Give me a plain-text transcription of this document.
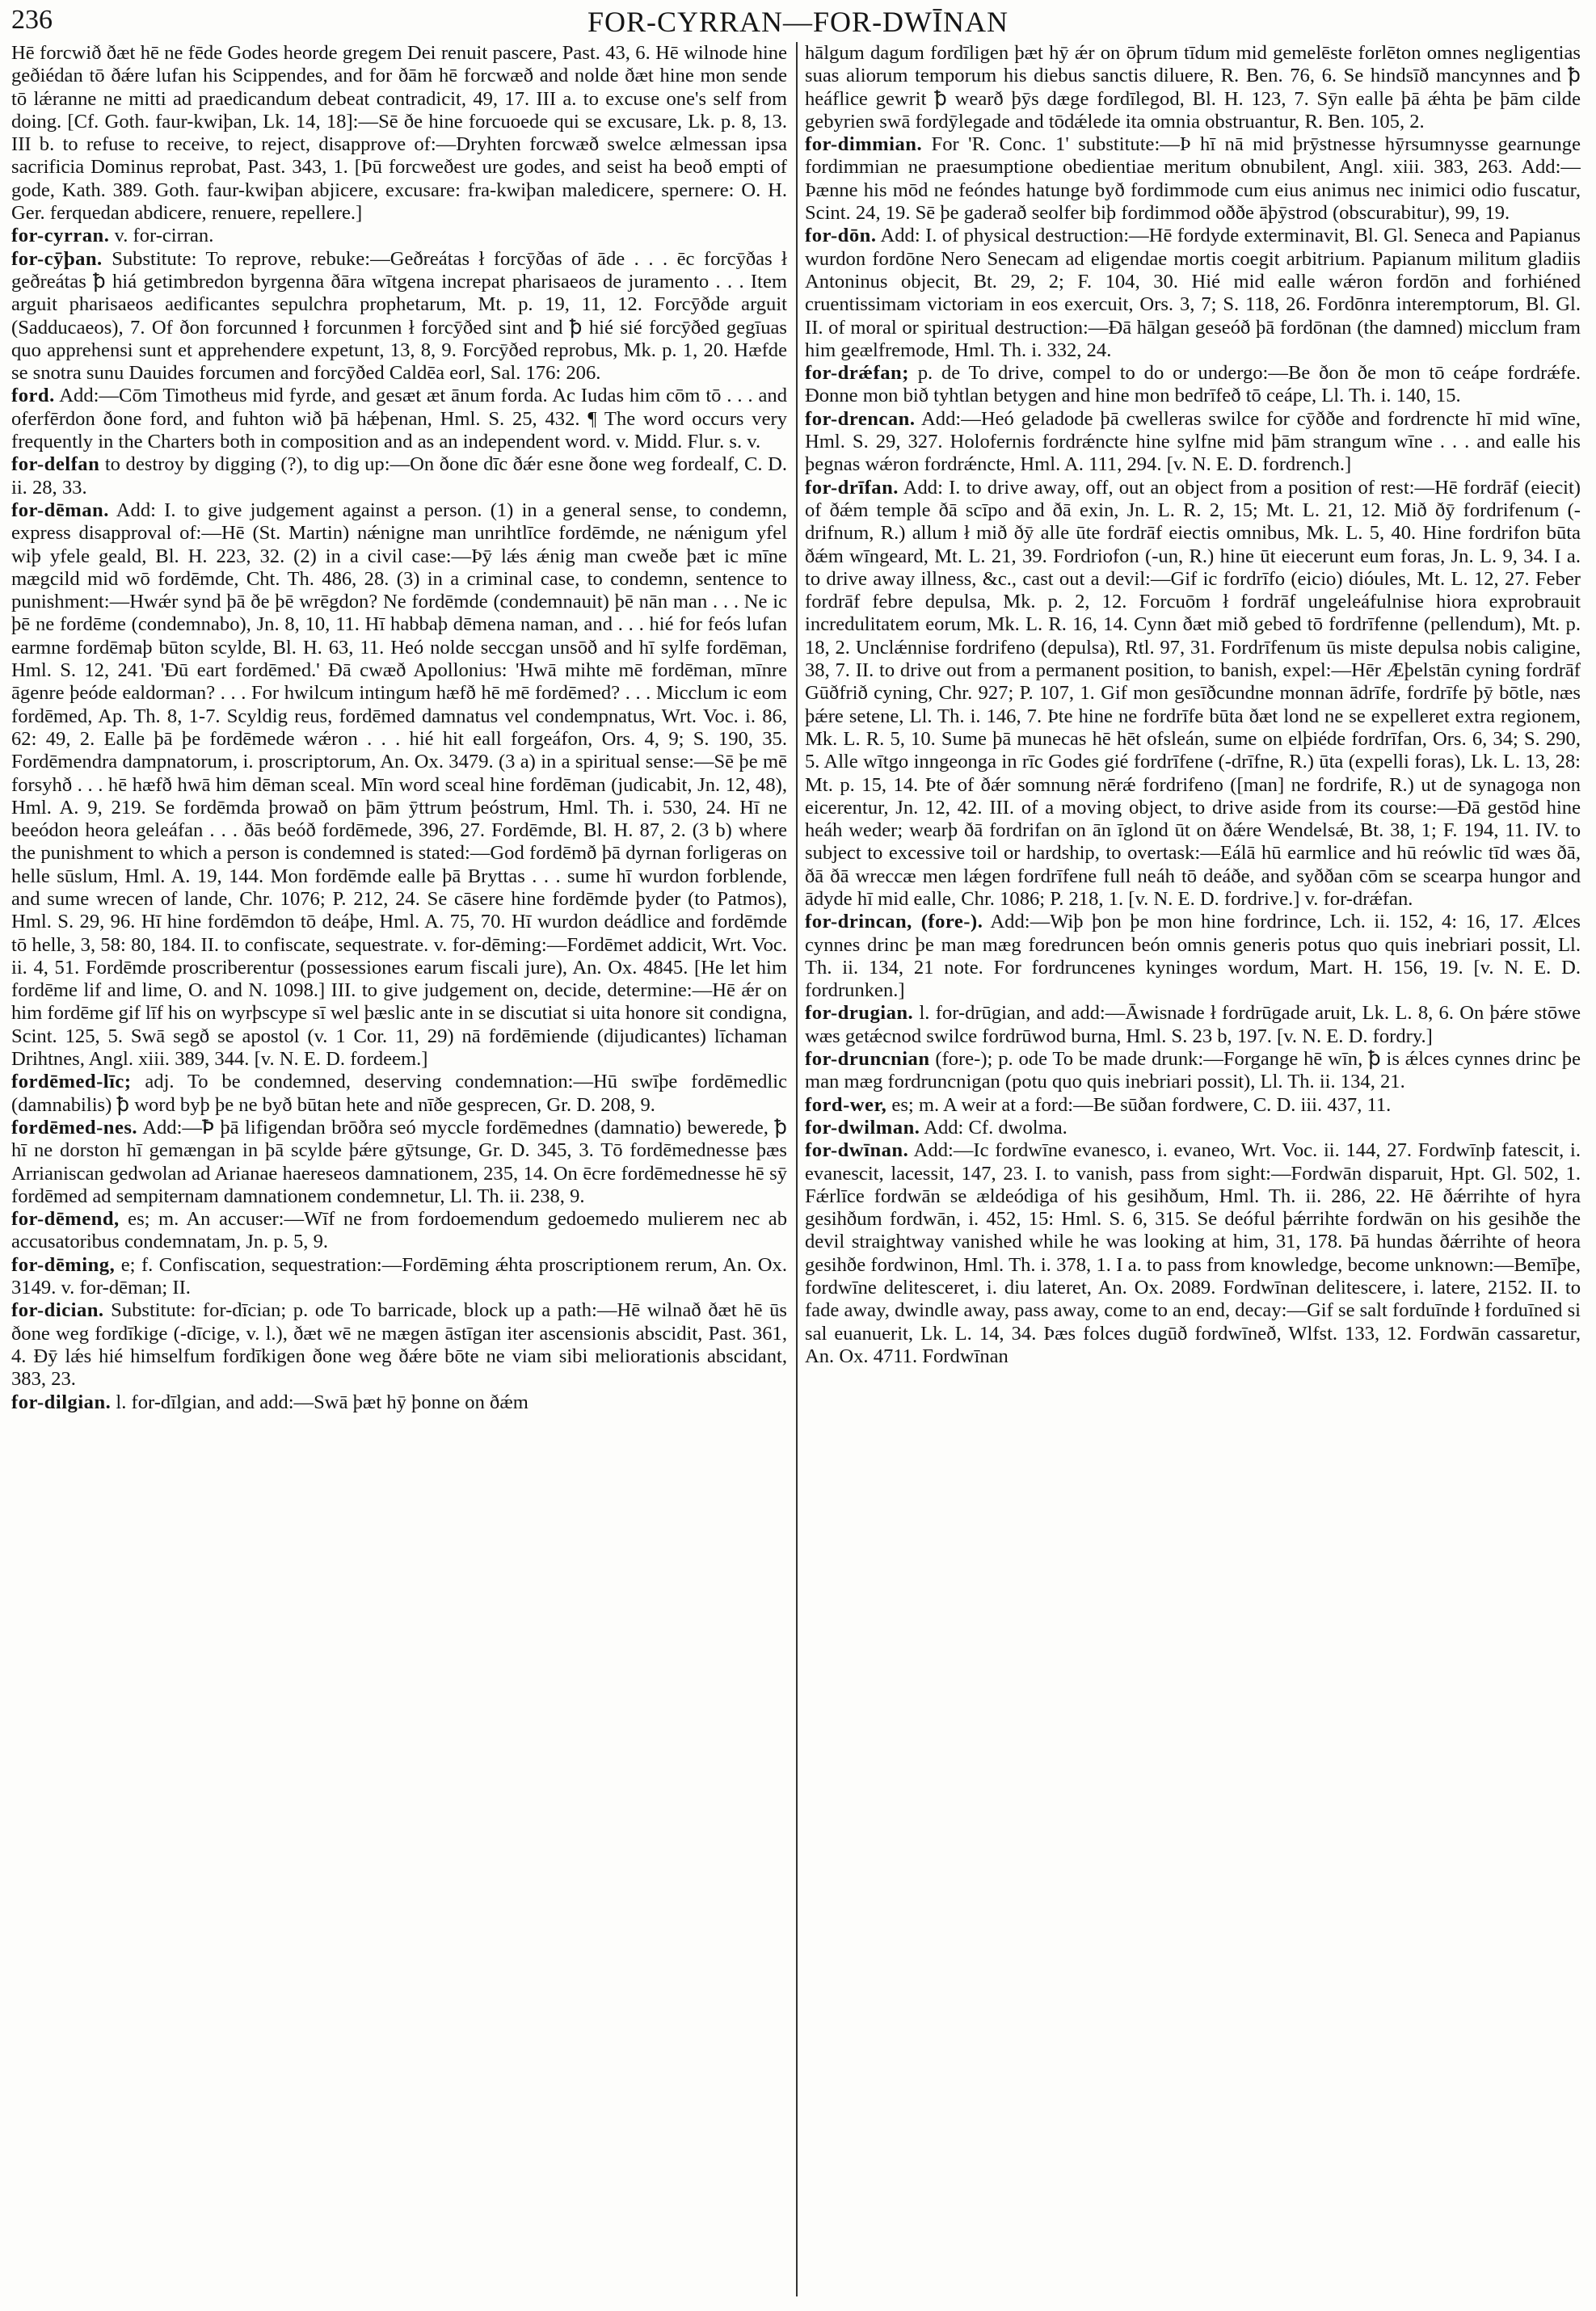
236	FOR-CYRRAN—FOR-DWĪNAN

Hē forcwið ðæt hē ne fēde Godes heorde gregem Dei renuit pascere, Past. 43, 6. Hē wilnode hine geðiédan tō ðǽre lufan his Scippendes, and for ðām hē forcwæð and nolde ðæt hine mon sende tō lǽranne ne mitti ad praedicandum debeat contradicit, 49, 17. III a. to excuse one's self from doing. [Cf. Goth. faur-kwiþan, Lk. 14, 18]:—Sē ðe hine forcuoede qui se excusare, Lk. p. 8, 13. III b. to refuse to receive, to reject, disapprove of:—Dryhten forcwæð swelce ælmessan ipsa sacrificia Dominus reprobat, Past. 343, 1. [Þū forcweðest ure godes, and seist ha beoð empti of gode, Kath. 389. Goth. faur-kwiþan abjicere, excusare: fra-kwiþan maledicere, spernere: O. H. Ger. ferquedan abdicere, renuere, repellere.]

for-cyrran. v. for-cirran.

for-cȳþan. Substitute: To reprove, rebuke:—Geðreátas ł forcȳðas of āde . . . ēc forcȳðas ł geðreátas ꝥ hiá getimbredon byrgenna ðāra wītgena increpat pharisaeos de juramento . . . Item arguit pharisaeos aedificantes sepulchra prophetarum, Mt. p. 19, 11, 12. Forcȳðde arguit (Sadducaeos), 7. Of ðon forcunned ł forcunmen ł forcȳðed sint and ꝥ hié sié forcȳðed gegīuas quo apprehensi sunt et apprehendere expetunt, 13, 8, 9. Forcȳðed reprobus, Mk. p. 1, 20. Hæfde se snotra sunu Dauides forcumen and forcȳðed Caldēa eorl, Sal. 176: 206.

ford. Add:—Cōm Timotheus mid fyrde, and gesæt æt ānum forda. Ac Iudas him cōm tō . . . and oferfērdon ðone ford, and fuhton wið þā hǽþenan, Hml. S. 25, 432. ¶ The word occurs very frequently in the Charters both in composition and as an independent word. v. Midd. Flur. s. v.

for-delfan to destroy by digging (?), to dig up:—On ðone dīc ðǽr esne ðone weg fordealf, C. D. ii. 28, 33.

for-dēman. Add: I. to give judgement against a person. (1) in a general sense, to condemn, express disapproval of:—Hē (St. Martin) nǽnigne man unrihtlīce fordēmde, ne nǽnigum yfel wiþ yfele geald, Bl. H. 223, 32. (2) in a civil case:—Þȳ lǽs ǽnig man cweðe þæt ic mīne mægcild mid wō fordēmde, Cht. Th. 486, 28. (3) in a criminal case, to condemn, sentence to punishment:—Hwǽr synd þā ðe þē wrēgdon? Ne fordēmde (condemnauit) þē nān man . . . Ne ic þē ne fordēme (condemnabo), Jn. 8, 10, 11. Hī habbaþ dēmena naman, and . . . hié for feós lufan earmne fordēmaþ būton scylde, Bl. H. 63, 11. Heó nolde seccgan unsōð and hī sylfe fordēman, Hml. S. 12, 241. 'Ðū eart fordēmed.' Ðā cwæð Apollonius: 'Hwā mihte mē fordēman, mīnre āgenre þeóde ealdorman? . . . For hwilcum intingum hæfð hē mē fordēmed? . . . Micclum ic eom fordēmed, Ap. Th. 8, 1-7. Scyldig reus, fordēmed damnatus vel condempnatus, Wrt. Voc. i. 86, 62: 49, 2. Ealle þā þe fordēmede wǽron . . . hié hit eall forgeáfon, Ors. 4, 9; S. 190, 35. Fordēmendra dampnatorum, i. proscriptorum, An. Ox. 3479. (3 a) in a spiritual sense:—Sē þe mē forsyhð . . . hē hæfð hwā him dēman sceal. Mīn word sceal hine fordēman (judicabit, Jn. 12, 48), Hml. A. 9, 219. Se fordēmda þrowað on þām ȳttrum þeóstrum, Hml. Th. i. 530, 24. Hī ne beeódon heora geleáfan . . . ðās beóð fordēmede, 396, 27. Fordēmde, Bl. H. 87, 2. (3 b) where the punishment to which a person is condemned is stated:—God fordēmð þā dyrnan forligeras on helle sūslum, Hml. A. 19, 144. Mon fordēmde ealle þā Bryttas . . . sume hī wurdon forblende, and sume wrecen of lande, Chr. 1076; P. 212, 24. Se cāsere hine fordēmde þyder (to Patmos), Hml. S. 29, 96. Hī hine fordēmdon tō deáþe, Hml. A. 75, 70. Hī wurdon deádlice and fordēmde tō helle, 3, 58: 80, 184. II. to confiscate, sequestrate. v. for-dēming:—Fordēmet addicit, Wrt. Voc. ii. 4, 51. Fordēmde proscriberentur (possessiones earum fiscali jure), An. Ox. 4845. [He let him fordēme lif and lime, O. and N. 1098.] III. to give judgement on, decide, determine:—Hē ǽr on him fordēme gif līf his on wyrþscype sī wel þæslic ante in se discutiat si uita honore sit condigna, Scint. 125, 5. Swā segð se apostol (v. 1 Cor. 11, 29) nā fordēmiende (dijudicantes) līchaman Drihtnes, Angl. xiii. 389, 344. [v. N. E. D. fordeem.]

fordēmed-līc; adj. To be condemned, deserving condemnation:—Hū swīþe fordēmedlic (damnabilis) ꝥ word byþ þe ne byð būtan hete and nīðe gesprecen, Gr. D. 208, 9.

fordēmed-nes. Add:—Ꝥ þā lifigendan brōðra seó myccle fordēmednes (damnatio) bewerede, ꝥ hī ne dorston hī gemængan in þā scylde þǽre gȳtsunge, Gr. D. 345, 3. Tō fordēmednesse þæs Arrianiscan gedwolan ad Arianae haereseos damnationem, 235, 14. On ēcre fordēmednesse hē sȳ fordēmed ad sempiternam damnationem condemnetur, Ll. Th. ii. 238, 9.

for-dēmend, es; m. An accuser:—Wīf ne from fordoemendum gedoemedo mulierem nec ab accusatoribus condemnatam, Jn. p. 5, 9.

for-dēming, e; f. Confiscation, sequestration:—Fordēming ǽhta proscriptionem rerum, An. Ox. 3149. v. for-dēman; II.

for-dician. Substitute: for-dīcian; p. ode To barricade, block up a path:—Hē wilnað ðæt hē ūs ðone weg fordīkige (-dīcige, v. l.), ðæt wē ne mægen āstīgan iter ascensionis abscidit, Past. 361, 4. Ðȳ lǽs hié himselfum fordīkigen ðone weg ðǽre bōte ne viam sibi meliorationis abscidant, 383, 23.

for-dilgian. l. for-dīlgian, and add:—Swā þæt hȳ þonne on ðǽm

hālgum dagum fordīligen þæt hȳ ǽr on ōþrum tīdum mid gemelēste forlēton omnes negligentias suas aliorum temporum his diebus sanctis diluere, R. Ben. 76, 6. Se hindsīð mancynnes and ꝥ heáflice gewrit ꝥ wearð þȳs dæge fordīlegod, Bl. H. 123, 7. Sȳn ealle þā ǽhta þe þām cilde gebyrien swā fordȳlegade and tōdǽlede ita omnia obstruantur, R. Ben. 105, 2.

for-dimmian. For 'R. Conc. 1' substitute:—Þ hī nā mid þrȳstnesse hȳrsumnysse gearnunge fordimmian ne praesumptione obedientiae meritum obnubilent, Angl. xiii. 383, 263. Add:—Þænne his mōd ne feóndes hatunge byð fordimmode cum eius animus nec inimici odio fuscatur, Scint. 24, 19. Sē þe gaderað seolfer biþ fordimmod oððe āþȳstrod (obscurabitur), 99, 19.

for-dōn. Add: I. of physical destruction:—Hē fordyde exterminavit, Bl. Gl. Seneca and Papianus wurdon fordōne Nero Senecam ad eligendae mortis coegit arbitrium. Papianum militum gladiis Antoninus objecit, Bt. 29, 2; F. 104, 30. Hié mid ealle wǽron fordōn and forhiéned cruentissimam victoriam in eos exercuit, Ors. 3, 7; S. 118, 26. Fordōnra interemptorum, Bl. Gl. II. of moral or spiritual destruction:—Ðā hālgan geseóð þā fordōnan (the damned) micclum fram him geælfremode, Hml. Th. i. 332, 24.

for-drǽfan; p. de To drive, compel to do or undergo:—Be ðon ðe mon tō ceápe fordrǽfe. Ðonne mon bið tyhtlan betygen and hine mon bedrīfeð tō ceápe, Ll. Th. i. 140, 15.

for-drencan. Add:—Heó geladode þā cwelleras swilce for cȳððe and fordrencte hī mid wīne, Hml. S. 29, 327. Holofernis fordrǽncte hine sylfne mid þām strangum wīne . . . and ealle his þegnas wǽron fordrǽncte, Hml. A. 111, 294. [v. N. E. D. fordrench.]

for-drīfan. Add: I. to drive away, off, out an object from a position of rest:—Hē fordrāf (eiecit) of ðǽm temple ðā scīpo and ðā exin, Jn. L. R. 2, 15; Mt. L. 21, 12. Mið ðȳ fordrifenum (-drifnum, R.) allum ł mið ðȳ alle ūte fordrāf eiectis omnibus, Mk. L. 5, 40. Hine fordrifon būta ðǽm wīngeard, Mt. L. 21, 39. Fordriofon (-un, R.) hine ūt eiecerunt eum foras, Jn. L. 9, 34. I a. to drive away illness, &c., cast out a devil:—Gif ic fordrīfo (eicio) dióules, Mt. L. 12, 27. Feber fordrāf febre depulsa, Mk. p. 2, 12. Forcuōm ł fordrāf ungeleáfulnise hiora exprobrauit incredulitatem eorum, Mk. L. R. 16, 14. Cynn ðæt mið gebed tō fordrīfenne (pellendum), Mt. p. 18, 2. Unclǽnnise fordrifeno (depulsa), Rtl. 97, 31. Fordrīfenum ūs miste depulsa nobis caligine, 38, 7. II. to drive out from a permanent position, to banish, expel:—Hēr Æþelstān cyning fordrāf Gūðfrið cyning, Chr. 927; P. 107, 1. Gif mon gesīðcundne monnan ādrīfe, fordrīfe þȳ bōtle, næs þǽre setene, Ll. Th. i. 146, 7. Þte hine ne fordrīfe būta ðæt lond ne se expelleret extra regionem, Mk. L. R. 5, 10. Sume þā munecas hē hēt ofsleán, sume on elþiéde fordrīfan, Ors. 6, 34; S. 290, 5. Alle wītgo inngeonga in rīc Godes gié fordrīfene (-drīfne, R.) ūta (expelli foras), Lk. L. 13, 28: Mt. p. 15, 14. Þte of ðǽr somnung nērǽ fordrifeno ([man] ne fordrife, R.) ut de synagoga non eicerentur, Jn. 12, 42. III. of a moving object, to drive aside from its course:—Ðā gestōd hine heáh weder; wearþ ðā fordrifan on ān īglond ūt on ðǽre Wendelsǽ, Bt. 38, 1; F. 194, 11. IV. to subject to excessive toil or hardship, to overtask:—Eálā hū earmlice and hū reówlic tīd wæs ðā, ðā ðā wreccæ men lǽgen fordrīfene full neáh tō deáðe, and syððan cōm se scearpa hungor and ādyde hī mid ealle, Chr. 1086; P. 218, 1. [v. N. E. D. fordrive.] v. for-drǽfan.

for-drincan, (fore-). Add:—Wiþ þon þe mon hine fordrince, Lch. ii. 152, 4: 16, 17. Ælces cynnes drinc þe man mæg foredruncen beón omnis generis potus quo quis inebriari possit, Ll. Th. ii. 134, 21 note. For fordruncenes kyninges wordum, Mart. H. 156, 19. [v. N. E. D. fordrunken.]

for-drugian. l. for-drūgian, and add:—Āwisnade ł fordrūgade aruit, Lk. L. 8, 6. On þǽre stōwe wæs getǽcnod swilce fordrūwod burna, Hml. S. 23 b, 197. [v. N. E. D. fordry.]

for-druncnian (fore-); p. ode To be made drunk:—Forgange hē wīn, ꝥ is ǽlces cynnes drinc þe man mæg fordruncnigan (potu quo quis inebriari possit), Ll. Th. ii. 134, 21.

ford-wer, es; m. A weir at a ford:—Be sūðan fordwere, C. D. iii. 437, 11.

for-dwilman. Add: Cf. dwolma.

for-dwīnan. Add:—Ic fordwīne evanesco, i. evaneo, Wrt. Voc. ii. 144, 27. Fordwīnþ fatescit, i. evanescit, lacessit, 147, 23. I. to vanish, pass from sight:—Fordwān disparuit, Hpt. Gl. 502, 1. Fǽrlīce fordwān se ældeódiga of his gesihðum, Hml. Th. ii. 286, 22. Hē ðǽrrihte of hyra gesihðum fordwān, i. 452, 15: Hml. S. 6, 315. Se deóful þǽrrihte fordwān on his gesihðe the devil straightway vanished while he was looking at him, 31, 178. Þā hundas ðǽrrihte of heora gesihðe fordwinon, Hml. Th. i. 378, 1. I a. to pass from knowledge, become unknown:—Bemīþe, fordwīne delitesceret, i. diu lateret, An. Ox. 2089. Fordwīnan delitescere, i. latere, 2152. II. to fade away, dwindle away, pass away, come to an end, decay:—Gif se salt forduīnde ł forduīned si sal euanuerit, Lk. L. 14, 34. Þæs folces dugūð fordwīneð, Wlfst. 133, 12. Fordwān cassaretur, An. Ox. 4711. Fordwīnan
